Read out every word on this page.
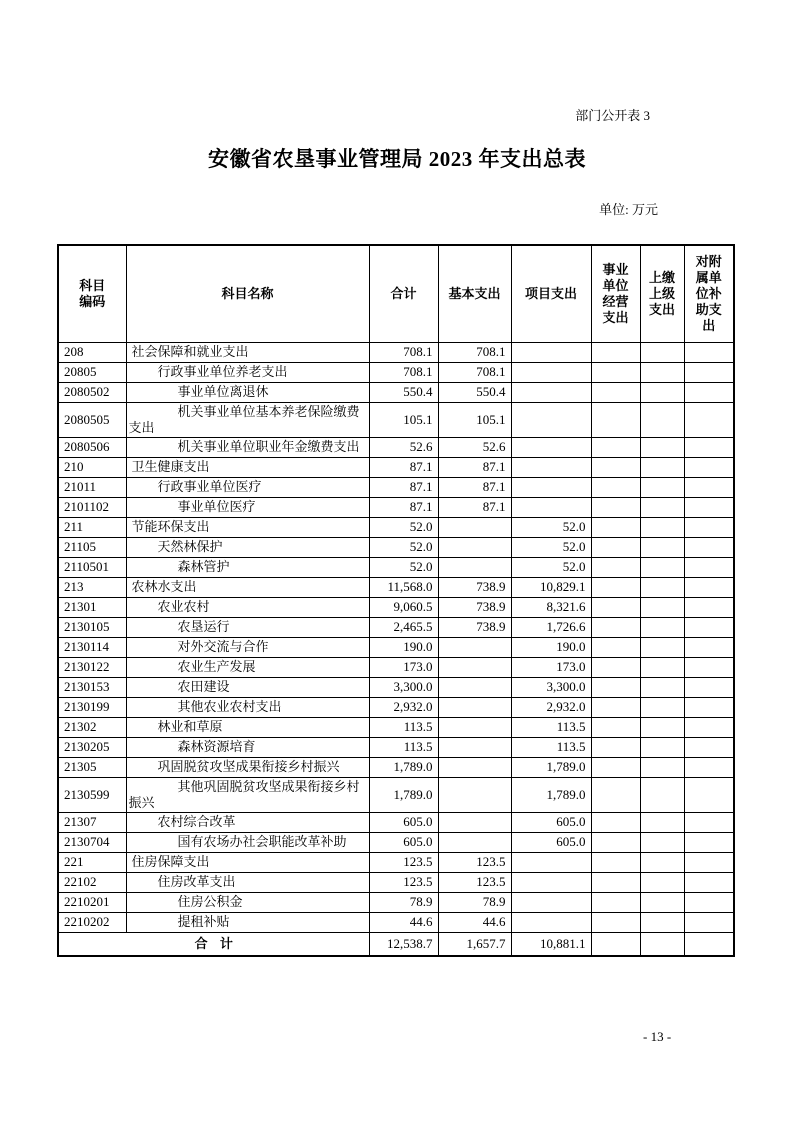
部门公开表 3
安徽省农垦事业管理局 2023 年支出总表
单位: 万元
科目编码	科目名称	合计	基本支出	项目支出	事业单位经营支出	上缴上级支出	对附属单位补助支出
208	社会保障和就业支出	708.1	708.1				
20805	行政事业单位养老支出	708.1	708.1				
2080502	事业单位离退休	550.4	550.4				
2080505	机关事业单位基本养老保险缴费支出	105.1	105.1				
2080506	机关事业单位职业年金缴费支出	52.6	52.6				
210	卫生健康支出	87.1	87.1				
21011	行政事业单位医疗	87.1	87.1				
2101102	事业单位医疗	87.1	87.1				
211	节能环保支出	52.0		52.0			
21105	天然林保护	52.0		52.0			
2110501	森林管护	52.0		52.0			
213	农林水支出	11,568.0	738.9	10,829.1			
21301	农业农村	9,060.5	738.9	8,321.6			
2130105	农垦运行	2,465.5	738.9	1,726.6			
2130114	对外交流与合作	190.0		190.0			
2130122	农业生产发展	173.0		173.0			
2130153	农田建设	3,300.0		3,300.0			
2130199	其他农业农村支出	2,932.0		2,932.0			
21302	林业和草原	113.5		113.5			
2130205	森林资源培育	113.5		113.5			
21305	巩固脱贫攻坚成果衔接乡村振兴	1,789.0		1,789.0			
2130599	其他巩固脱贫攻坚成果衔接乡村振兴	1,789.0		1,789.0			
21307	农村综合改革	605.0		605.0			
2130704	国有农场办社会职能改革补助	605.0		605.0			
221	住房保障支出	123.5	123.5				
22102	住房改革支出	123.5	123.5				
2210201	住房公积金	78.9	78.9				
2210202	提租补贴	44.6	44.6				
合 计		12,538.7	1,657.7	10,881.1			
- 13 -
